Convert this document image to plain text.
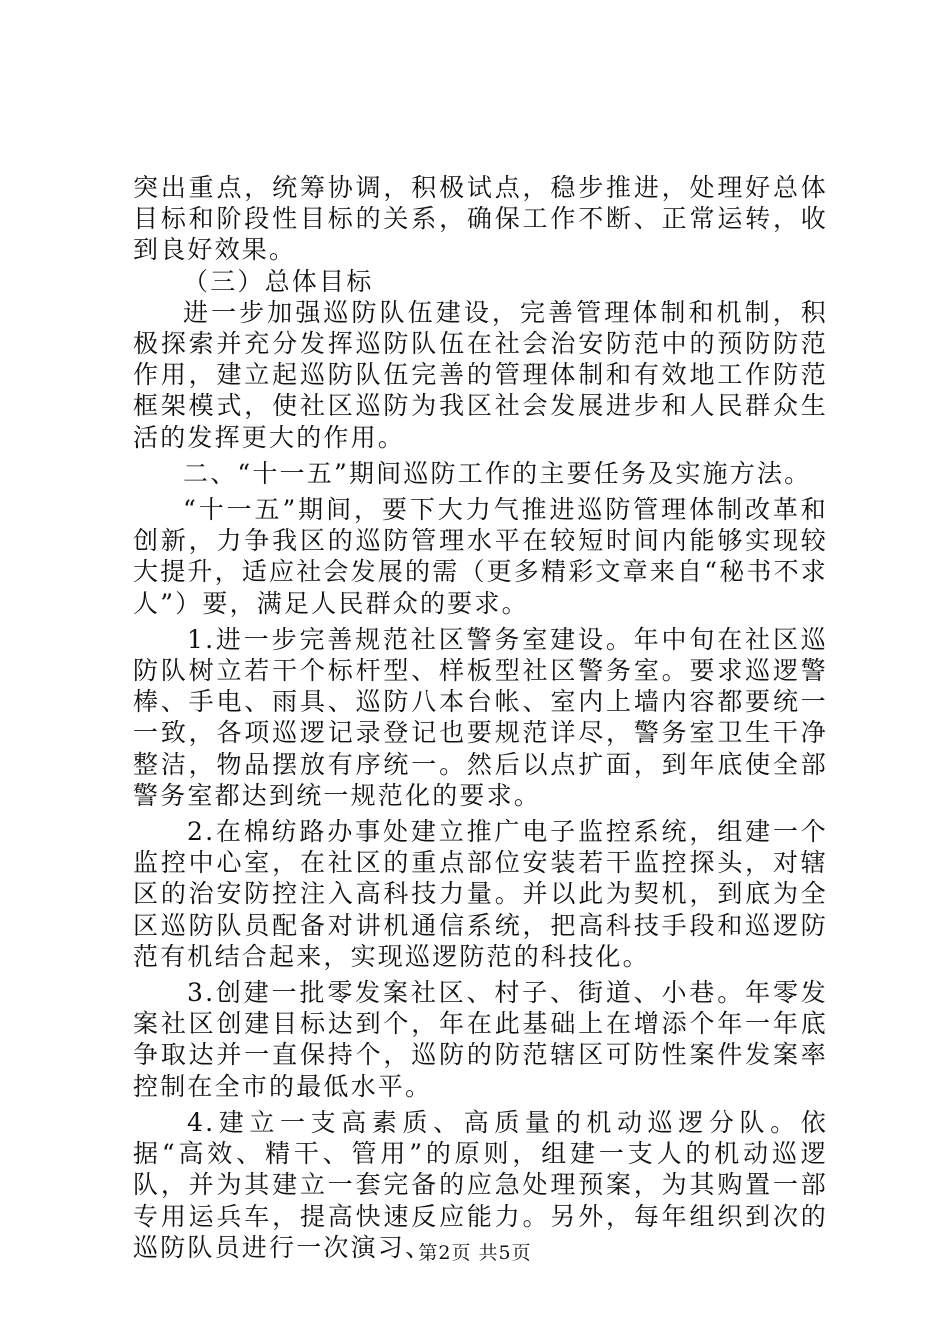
突出重点，统筹协调，积极试点，稳步推进，处理好总体目标和阶段性目标的关系，确保工作不断、正常运转，收到良好效果。

（三）总体目标

进一步加强巡防队伍建设，完善管理体制和机制，积极探索并充分发挥巡防队伍在社会治安防范中的预防防范作用，建立起巡防队伍完善的管理体制和有效地工作防范框架模式，使社区巡防为我区社会发展进步和人民群众生活的发挥更大的作用。

二、“十一五”期间巡防工作的主要任务及实施方法。

“十一五”期间，要下大力气推进巡防管理体制改革和创新，力争我区的巡防管理水平在较短时间内能够实现较大提升，适应社会发展的需（更多精彩文章来自“秘书不求人”）要，满足人民群众的要求。

1.进一步完善规范社区警务室建设。年中旬在社区巡防队树立若干个标杆型、样板型社区警务室。要求巡逻警棒、手电、雨具、巡防八本台帐、室内上墙内容都要统一一致，各项巡逻记录登记也要规范详尽，警务室卫生干净整洁，物品摆放有序统一。然后以点扩面，到年底使全部警务室都达到统一规范化的要求。

2.在棉纺路办事处建立推广电子监控系统，组建一个监控中心室，在社区的重点部位安装若干监控探头，对辖区的治安防控注入高科技力量。并以此为契机，到底为全区巡防队员配备对讲机通信系统，把高科技手段和巡逻防范有机结合起来，实现巡逻防范的科技化。

3.创建一批零发案社区、村子、街道、小巷。年零发案社区创建目标达到个，年在此基础上在增添个年一年底争取达并一直保持个，巡防的防范辖区可防性案件发案率控制在全市的最低水平。

4.建立一支高素质、高质量的机动巡逻分队。依据“高效、精干、管用”的原则，组建一支人的机动巡逻队，并为其建立一套完备的应急处理预案，为其购置一部专用运兵车，提高快速反应能力。另外，每年组织到次的巡防队员进行一次演习、

第2页 共5页
